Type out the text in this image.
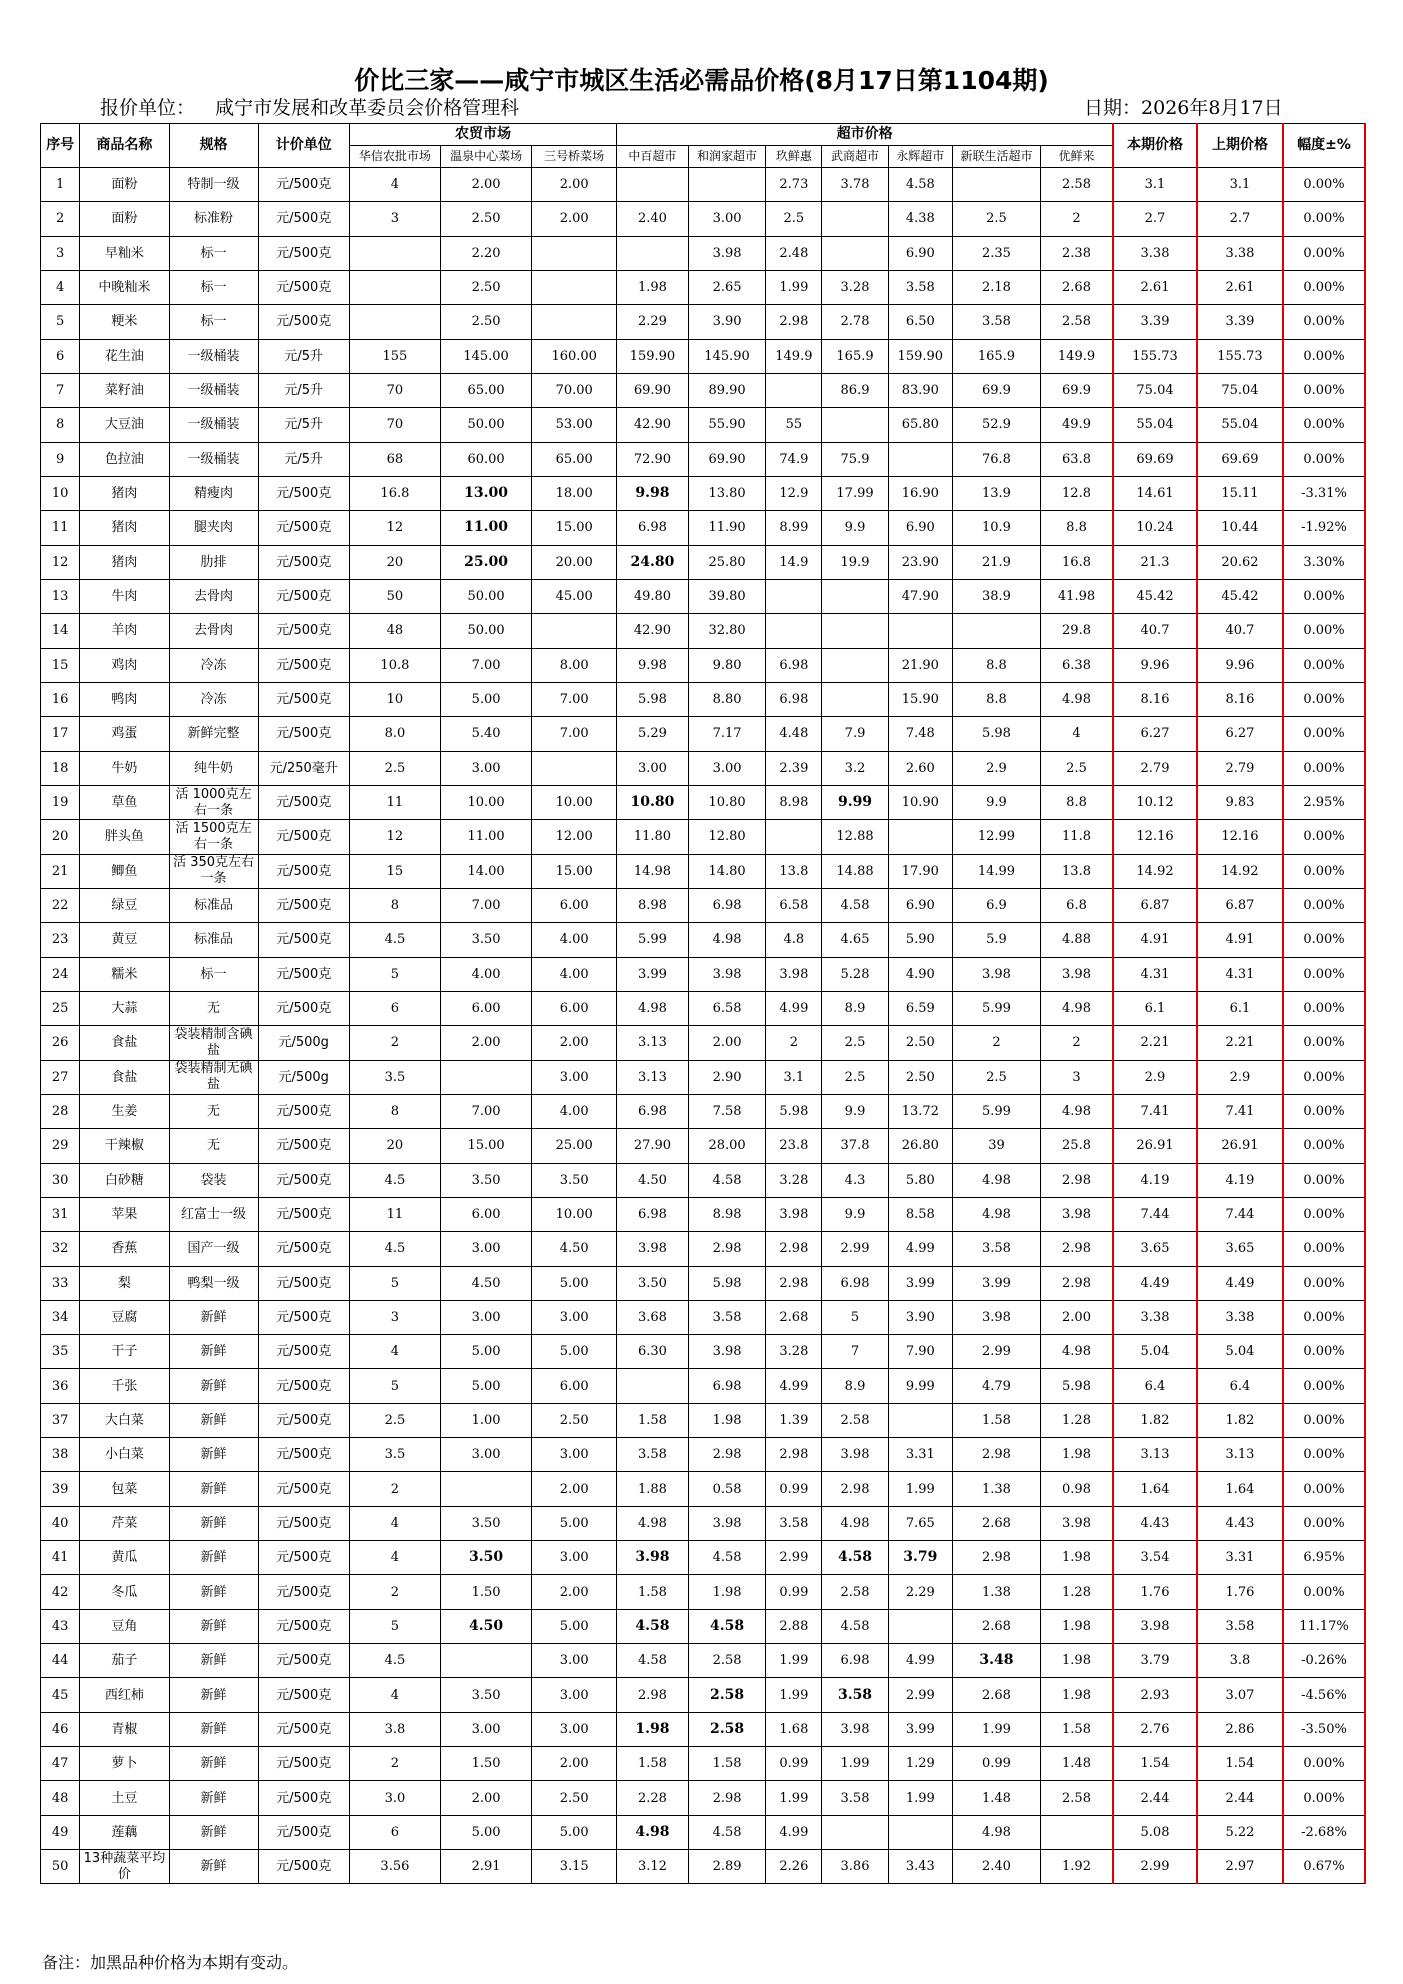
价比三家——咸宁市城区生活必需品价格(8月17日第1104期)
报价单位： 咸宁市发展和改革委员会价格管理科	日期：2026年8月17日
序号	商品名称	规格	计价单位	农贸市场			超市价格							本期价格	上期价格	幅度±%
				华信农批市场	温泉中心菜场	三号桥菜场	中百超市	和润家超市	玖鲜惠	武商超市	永辉超市	新联生活超市	优鲜来			
1	面粉	特制一级	元/500克	4	2.00	2.00			2.73	3.78	4.58		2.58	3.1	3.1	0.00%
2	面粉	标准粉	元/500克	3	2.50	2.00	2.40	3.00	2.5		4.38	2.5	2	2.7	2.7	0.00%
3	早籼米	标一	元/500克		2.20			3.98	2.48		6.90	2.35	2.38	3.38	3.38	0.00%
4	中晚籼米	标一	元/500克		2.50		1.98	2.65	1.99	3.28	3.58	2.18	2.68	2.61	2.61	0.00%
5	粳米	标一	元/500克		2.50		2.29	3.90	2.98	2.78	6.50	3.58	2.58	3.39	3.39	0.00%
6	花生油	一级桶装	元/5升	155	145.00	160.00	159.90	145.90	149.9	165.9	159.90	165.9	149.9	155.73	155.73	0.00%
7	菜籽油	一级桶装	元/5升	70	65.00	70.00	69.90	89.90		86.9	83.90	69.9	69.9	75.04	75.04	0.00%
8	大豆油	一级桶装	元/5升	70	50.00	53.00	42.90	55.90	55		65.80	52.9	49.9	55.04	55.04	0.00%
9	色拉油	一级桶装	元/5升	68	60.00	65.00	72.90	69.90	74.9	75.9		76.8	63.8	69.69	69.69	0.00%
10	猪肉	精瘦肉	元/500克	16.8	13.00	18.00	9.98	13.80	12.9	17.99	16.90	13.9	12.8	14.61	15.11	-3.31%
11	猪肉	腿夹肉	元/500克	12	11.00	15.00	6.98	11.90	8.99	9.9	6.90	10.9	8.8	10.24	10.44	-1.92%
12	猪肉	肋排	元/500克	20	25.00	20.00	24.80	25.80	14.9	19.9	23.90	21.9	16.8	21.3	20.62	3.30%
13	牛肉	去骨肉	元/500克	50	50.00	45.00	49.80	39.80			47.90	38.9	41.98	45.42	45.42	0.00%
14	羊肉	去骨肉	元/500克	48	50.00		42.90	32.80					29.8	40.7	40.7	0.00%
15	鸡肉	冷冻	元/500克	10.8	7.00	8.00	9.98	9.80	6.98		21.90	8.8	6.38	9.96	9.96	0.00%
16	鸭肉	冷冻	元/500克	10	5.00	7.00	5.98	8.80	6.98		15.90	8.8	4.98	8.16	8.16	0.00%
17	鸡蛋	新鲜完整	元/500克	8.0	5.40	7.00	5.29	7.17	4.48	7.9	7.48	5.98	4	6.27	6.27	0.00%
18	牛奶	纯牛奶	元/250毫升	2.5	3.00		3.00	3.00	2.39	3.2	2.60	2.9	2.5	2.79	2.79	0.00%
19	草鱼	活 1000克左右一条	元/500克	11	10.00	10.00	10.80	10.80	8.98	9.99	10.90	9.9	8.8	10.12	9.83	2.95%
20	胖头鱼	活 1500克左右一条	元/500克	12	11.00	12.00	11.80	12.80		12.88		12.99	11.8	12.16	12.16	0.00%
21	鲫鱼	活 350克左右一条	元/500克	15	14.00	15.00	14.98	14.80	13.8	14.88	17.90	14.99	13.8	14.92	14.92	0.00%
22	绿豆	标准品	元/500克	8	7.00	6.00	8.98	6.98	6.58	4.58	6.90	6.9	6.8	6.87	6.87	0.00%
23	黄豆	标准品	元/500克	4.5	3.50	4.00	5.99	4.98	4.8	4.65	5.90	5.9	4.88	4.91	4.91	0.00%
24	糯米	标一	元/500克	5	4.00	4.00	3.99	3.98	3.98	5.28	4.90	3.98	3.98	4.31	4.31	0.00%
25	大蒜	无	元/500克	6	6.00	6.00	4.98	6.58	4.99	8.9	6.59	5.99	4.98	6.1	6.1	0.00%
26	食盐	袋装精制含碘盐	元/500g	2	2.00	2.00	3.13	2.00	2	2.5	2.50	2	2	2.21	2.21	0.00%
27	食盐	袋装精制无碘盐	元/500g	3.5		3.00	3.13	2.90	3.1	2.5	2.50	2.5	3	2.9	2.9	0.00%
28	生姜	无	元/500克	8	7.00	4.00	6.98	7.58	5.98	9.9	13.72	5.99	4.98	7.41	7.41	0.00%
29	干辣椒	无	元/500克	20	15.00	25.00	27.90	28.00	23.8	37.8	26.80	39	25.8	26.91	26.91	0.00%
30	白砂糖	袋装	元/500克	4.5	3.50	3.50	4.50	4.58	3.28	4.3	5.80	4.98	2.98	4.19	4.19	0.00%
31	苹果	红富士一级	元/500克	11	6.00	10.00	6.98	8.98	3.98	9.9	8.58	4.98	3.98	7.44	7.44	0.00%
32	香蕉	国产一级	元/500克	4.5	3.00	4.50	3.98	2.98	2.98	2.99	4.99	3.58	2.98	3.65	3.65	0.00%
33	梨	鸭梨一级	元/500克	5	4.50	5.00	3.50	5.98	2.98	6.98	3.99	3.99	2.98	4.49	4.49	0.00%
34	豆腐	新鲜	元/500克	3	3.00	3.00	3.68	3.58	2.68	5	3.90	3.98	2.00	3.38	3.38	0.00%
35	干子	新鲜	元/500克	4	5.00	5.00	6.30	3.98	3.28	7	7.90	2.99	4.98	5.04	5.04	0.00%
36	千张	新鲜	元/500克	5	5.00	6.00		6.98	4.99	8.9	9.99	4.79	5.98	6.4	6.4	0.00%
37	大白菜	新鲜	元/500克	2.5	1.00	2.50	1.58	1.98	1.39	2.58		1.58	1.28	1.82	1.82	0.00%
38	小白菜	新鲜	元/500克	3.5	3.00	3.00	3.58	2.98	2.98	3.98	3.31	2.98	1.98	3.13	3.13	0.00%
39	包菜	新鲜	元/500克	2		2.00	1.88	0.58	0.99	2.98	1.99	1.38	0.98	1.64	1.64	0.00%
40	芹菜	新鲜	元/500克	4	3.50	5.00	4.98	3.98	3.58	4.98	7.65	2.68	3.98	4.43	4.43	0.00%
41	黄瓜	新鲜	元/500克	4	3.50	3.00	3.98	4.58	2.99	4.58	3.79	2.98	1.98	3.54	3.31	6.95%
42	冬瓜	新鲜	元/500克	2	1.50	2.00	1.58	1.98	0.99	2.58	2.29	1.38	1.28	1.76	1.76	0.00%
43	豆角	新鲜	元/500克	5	4.50	5.00	4.58	4.58	2.88	4.58		2.68	1.98	3.98	3.58	11.17%
44	茄子	新鲜	元/500克	4.5		3.00	4.58	2.58	1.99	6.98	4.99	3.48	1.98	3.79	3.8	-0.26%
45	西红柿	新鲜	元/500克	4	3.50	3.00	2.98	2.58	1.99	3.58	2.99	2.68	1.98	2.93	3.07	-4.56%
46	青椒	新鲜	元/500克	3.8	3.00	3.00	1.98	2.58	1.68	3.98	3.99	1.99	1.58	2.76	2.86	-3.50%
47	萝卜	新鲜	元/500克	2	1.50	2.00	1.58	1.58	0.99	1.99	1.29	0.99	1.48	1.54	1.54	0.00%
48	土豆	新鲜	元/500克	3.0	2.00	2.50	2.28	2.98	1.99	3.58	1.99	1.48	2.58	2.44	2.44	0.00%
49	莲藕	新鲜	元/500克	6	5.00	5.00	4.98	4.58	4.99			4.98		5.08	5.22	-2.68%
50	13种蔬菜平均价	新鲜	元/500克	3.56	2.91	3.15	3.12	2.89	2.26	3.86	3.43	2.40	1.92	2.99	2.97	0.67%
备注：加黑品种价格为本期有变动。
